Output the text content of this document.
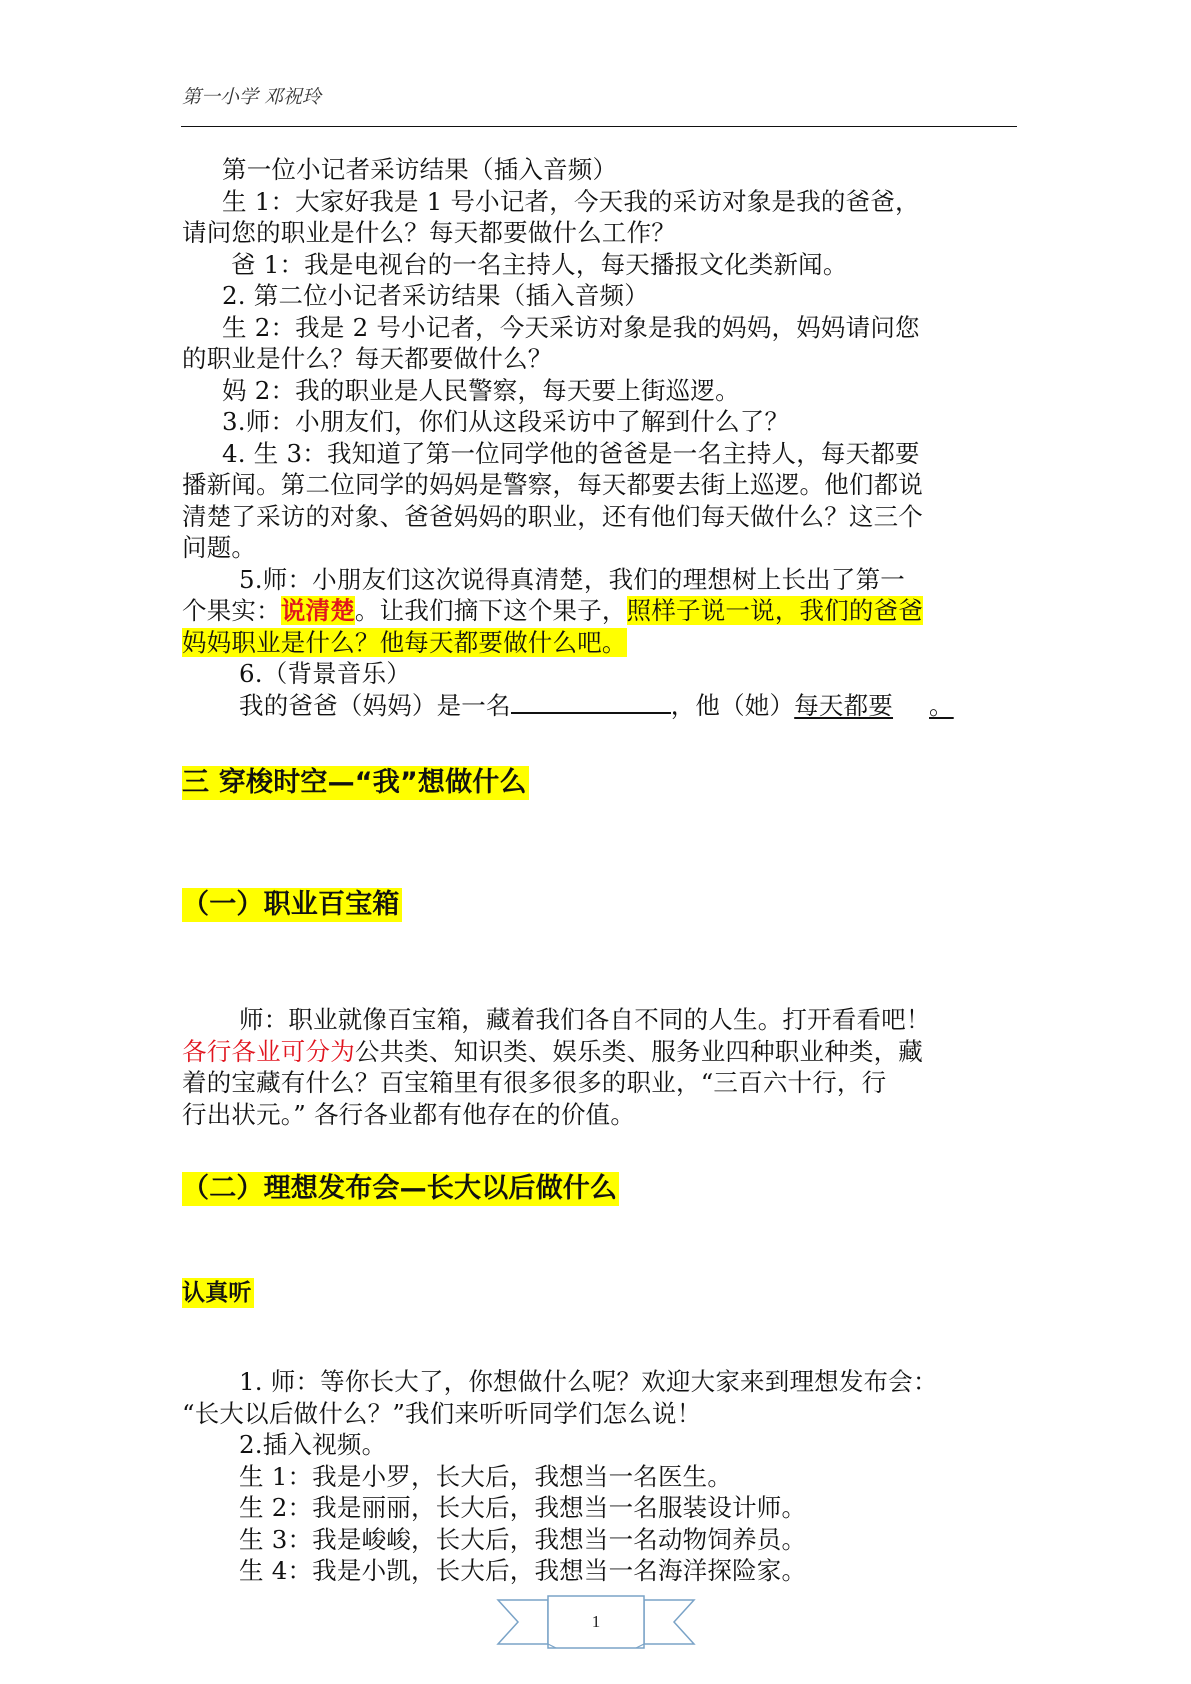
第一小学 邓祝玲

第一位小记者采访结果（插入音频）

生 1：大家好我是 1 号小记者，今天我的采访对象是我的爸爸，

请问您的职业是什么？每天都要做什么工作？

爸 1：我是电视台的一名主持人，每天播报文化类新闻。

2. 第二位小记者采访结果（插入音频）

生 2：我是 2 号小记者，今天采访对象是我的妈妈，妈妈请问您

的职业是什么？每天都要做什么？

妈 2：我的职业是人民警察，每天要上街巡逻。

3.师：小朋友们，你们从这段采访中了解到什么了？

4. 生 3：我知道了第一位同学他的爸爸是一名主持人，每天都要

播新闻。第二位同学的妈妈是警察，每天都要去街上巡逻。他们都说

清楚了采访的对象、爸爸妈妈的职业，还有他们每天做什么？这三个

问题。

5.师：小朋友们这次说得真清楚，我们的理想树上长出了第一

个果实：说清楚。让我们摘下这个果子，照样子说一说，我们的爸爸

妈妈职业是什么？他每天都要做什么吧。

6.（背景音乐）

我的爸爸（妈妈）是一名	，他（她）每天都要 。

三 穿梭时空—“我”想做什么
（一）职业百宝箱

师：职业就像百宝箱，藏着我们各自不同的人生。打开看看吧！

各行各业可分为公共类、知识类、娱乐类、服务业四种职业种类，藏

着的宝藏有什么？百宝箱里有很多很多的职业，“三百六十行，行

行出状元。” 各行各业都有他存在的价值。

（二）理想发布会—长大以后做什么
认真听

1. 师：等你长大了，你想做什么呢？欢迎大家来到理想发布会：

“长大以后做什么？”我们来听听同学们怎么说！

2.插入视频。

生 1：我是小罗，长大后，我想当一名医生。

生 2：我是丽丽，长大后，我想当一名服装设计师。

生 3：我是峻峻，长大后，我想当一名动物饲养员。

生 4：我是小凯，长大后，我想当一名海洋探险家。

1
